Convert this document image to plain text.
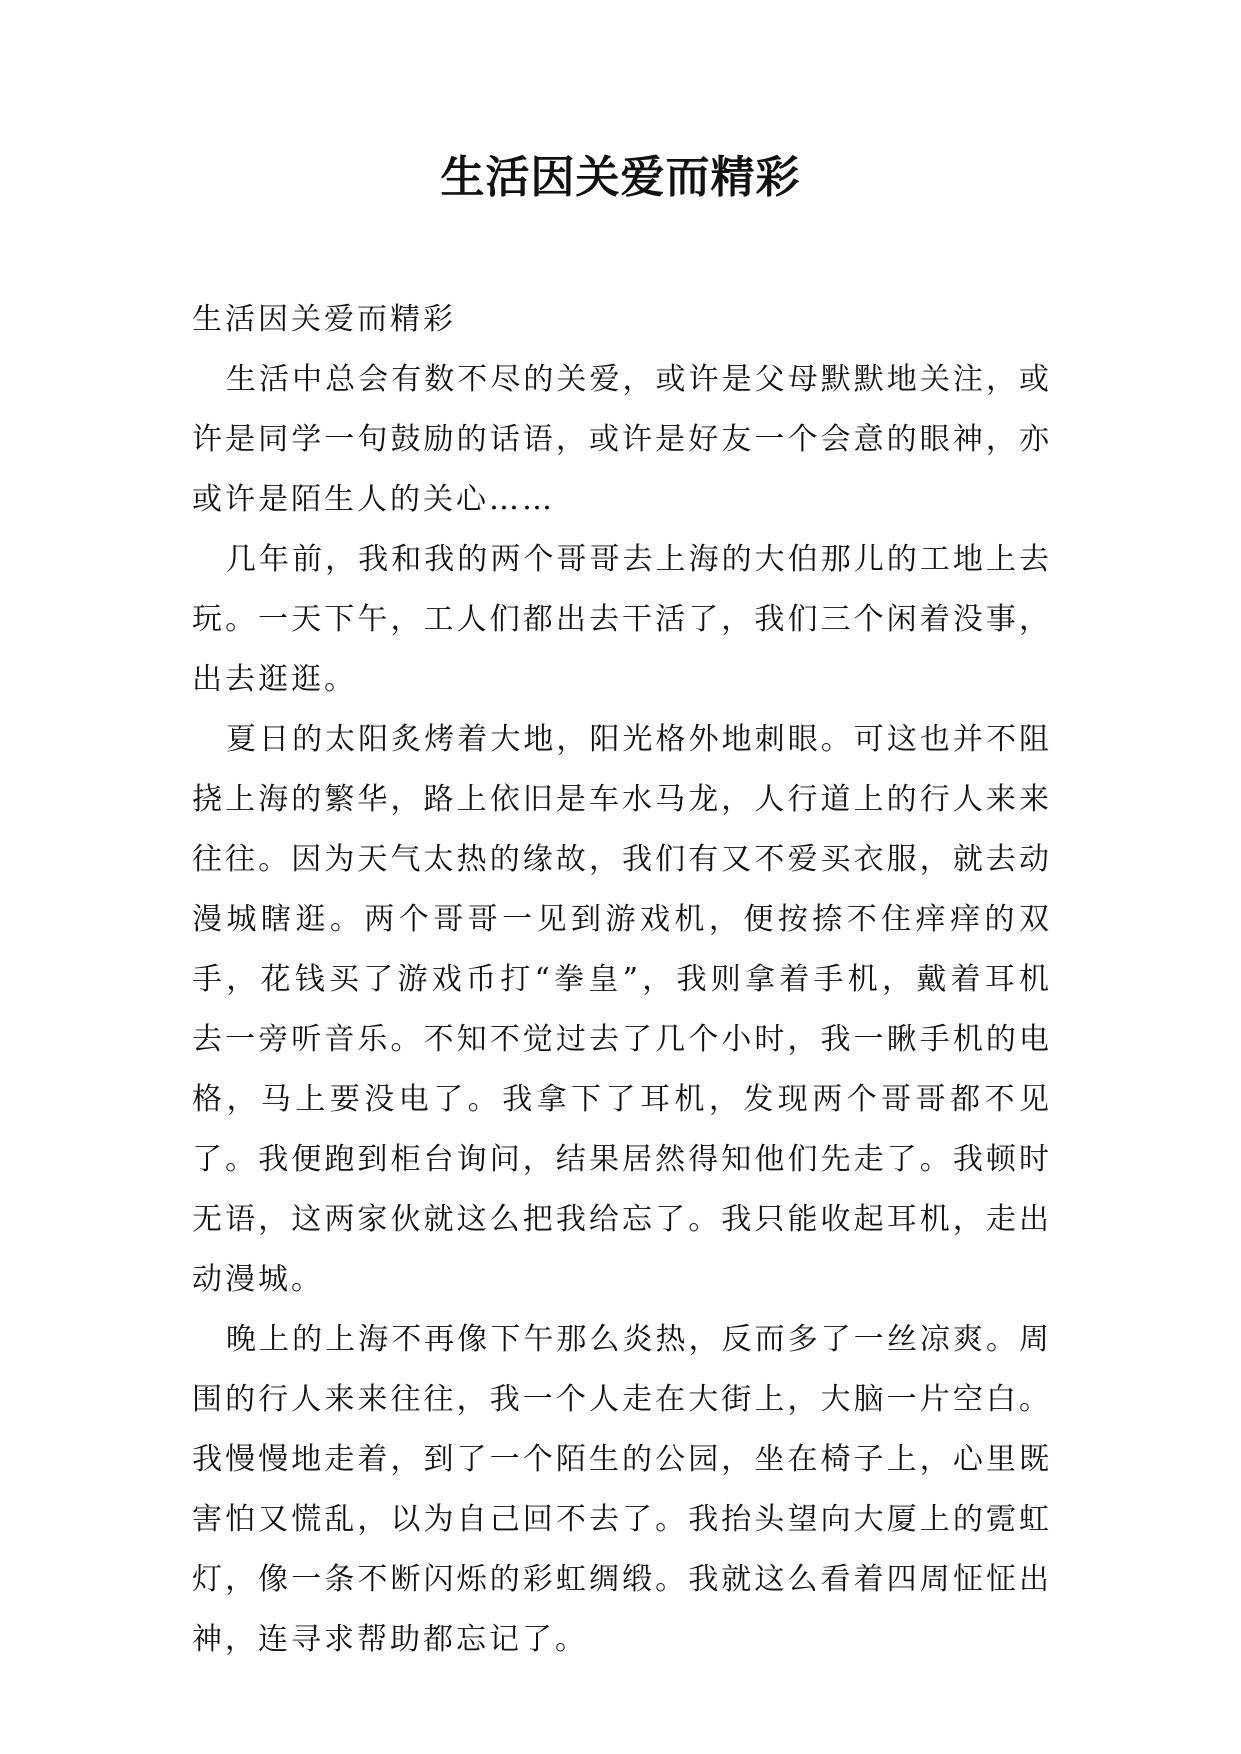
生活因关爱而精彩

生活因关爱而精彩

生活中总会有数不尽的关爱，或许是父母默默地关注，或许是同学一句鼓励的话语，或许是好友一个会意的眼神，亦或许是陌生人的关心……

几年前，我和我的两个哥哥去上海的大伯那儿的工地上去玩。一天下午，工人们都出去干活了，我们三个闲着没事，出去逛逛。

夏日的太阳炙烤着大地，阳光格外地刺眼。可这也并不阻挠上海的繁华，路上依旧是车水马龙，人行道上的行人来来往往。因为天气太热的缘故，我们有又不爱买衣服，就去动漫城瞎逛。两个哥哥一见到游戏机，便按捺不住痒痒的双手，花钱买了游戏币打“拳皇”，我则拿着手机，戴着耳机去一旁听音乐。不知不觉过去了几个小时，我一瞅手机的电格，马上要没电了。我拿下了耳机，发现两个哥哥都不见了。我便跑到柜台询问，结果居然得知他们先走了。我顿时无语，这两家伙就这么把我给忘了。我只能收起耳机，走出动漫城。

晚上的上海不再像下午那么炎热，反而多了一丝凉爽。周围的行人来来往往，我一个人走在大街上，大脑一片空白。我慢慢地走着，到了一个陌生的公园，坐在椅子上，心里既害怕又慌乱，以为自己回不去了。我抬头望向大厦上的霓虹灯，像一条不断闪烁的彩虹绸缎。我就这么看着四周怔怔出神，连寻求帮助都忘记了。
